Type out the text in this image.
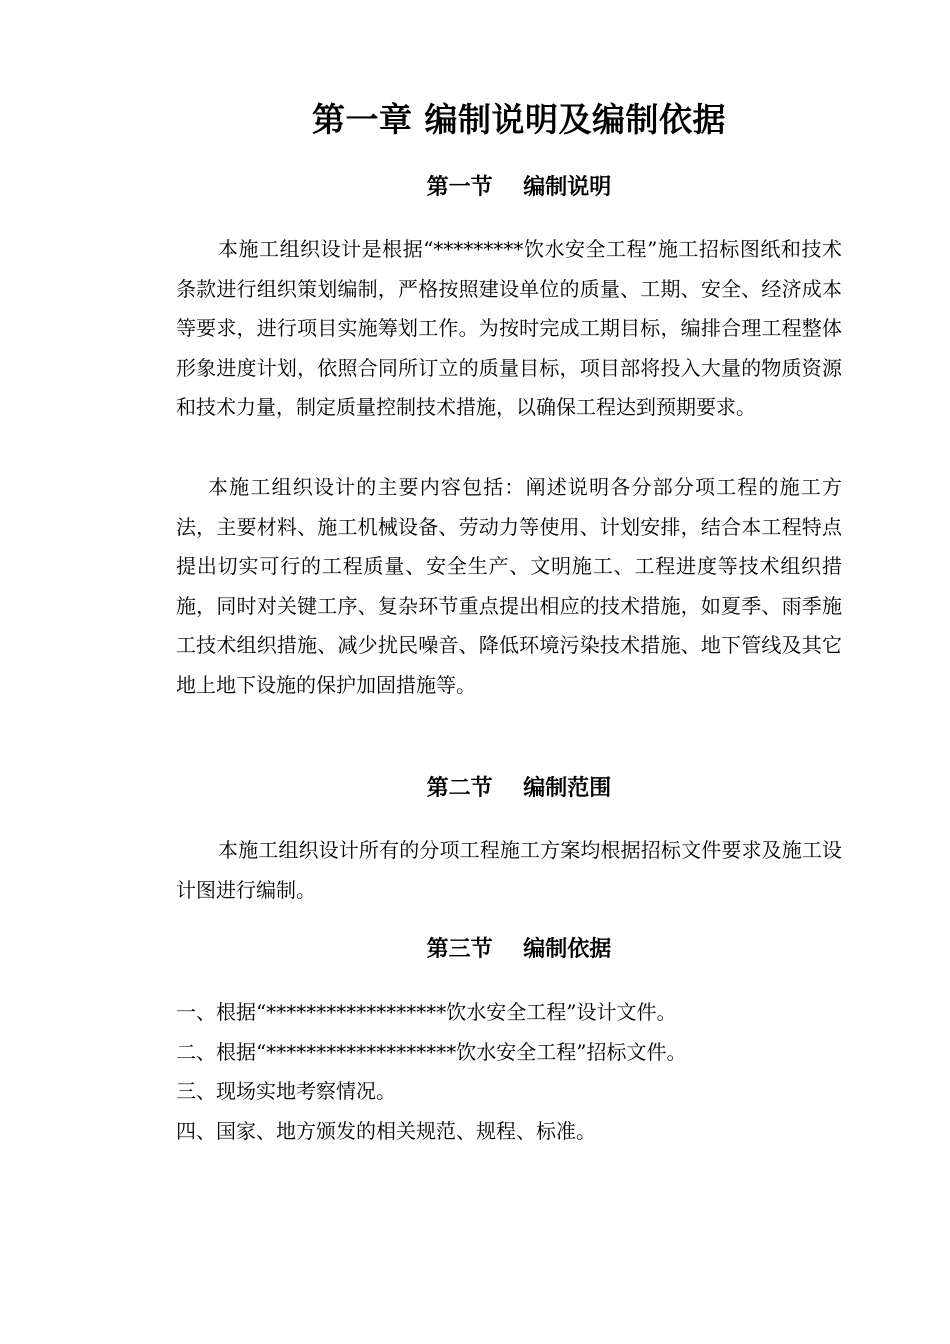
第一章 编制说明及编制依据
第一节    编制说明

本施工组织设计是根据“*********饮水安全工程”施工招标图纸和技术条款进行组织策划编制，严格按照建设单位的质量、工期、安全、经济成本等要求，进行项目实施筹划工作。为按时完成工期目标，编排合理工程整体形象进度计划，依照合同所订立的质量目标，项目部将投入大量的物质资源和技术力量，制定质量控制技术措施，以确保工程达到预期要求。

本施工组织设计的主要内容包括：阐述说明各分部分项工程的施工方法，主要材料、施工机械设备、劳动力等使用、计划安排，结合本工程特点提出切实可行的工程质量、安全生产、文明施工、工程进度等技术组织措施，同时对关键工序、复杂环节重点提出相应的技术措施，如夏季、雨季施工技术组织措施、减少扰民噪音、降低环境污染技术措施、地下管线及其它地上地下设施的保护加固措施等。

第二节    编制范围

本施工组织设计所有的分项工程施工方案均根据招标文件要求及施工设计图进行编制。

第三节    编制依据
一、根据“******************饮水安全工程”设计文件。
二、根据“*******************饮水安全工程”招标文件。
三、现场实地考察情况。
四、国家、地方颁发的相关规范、规程、标准。
